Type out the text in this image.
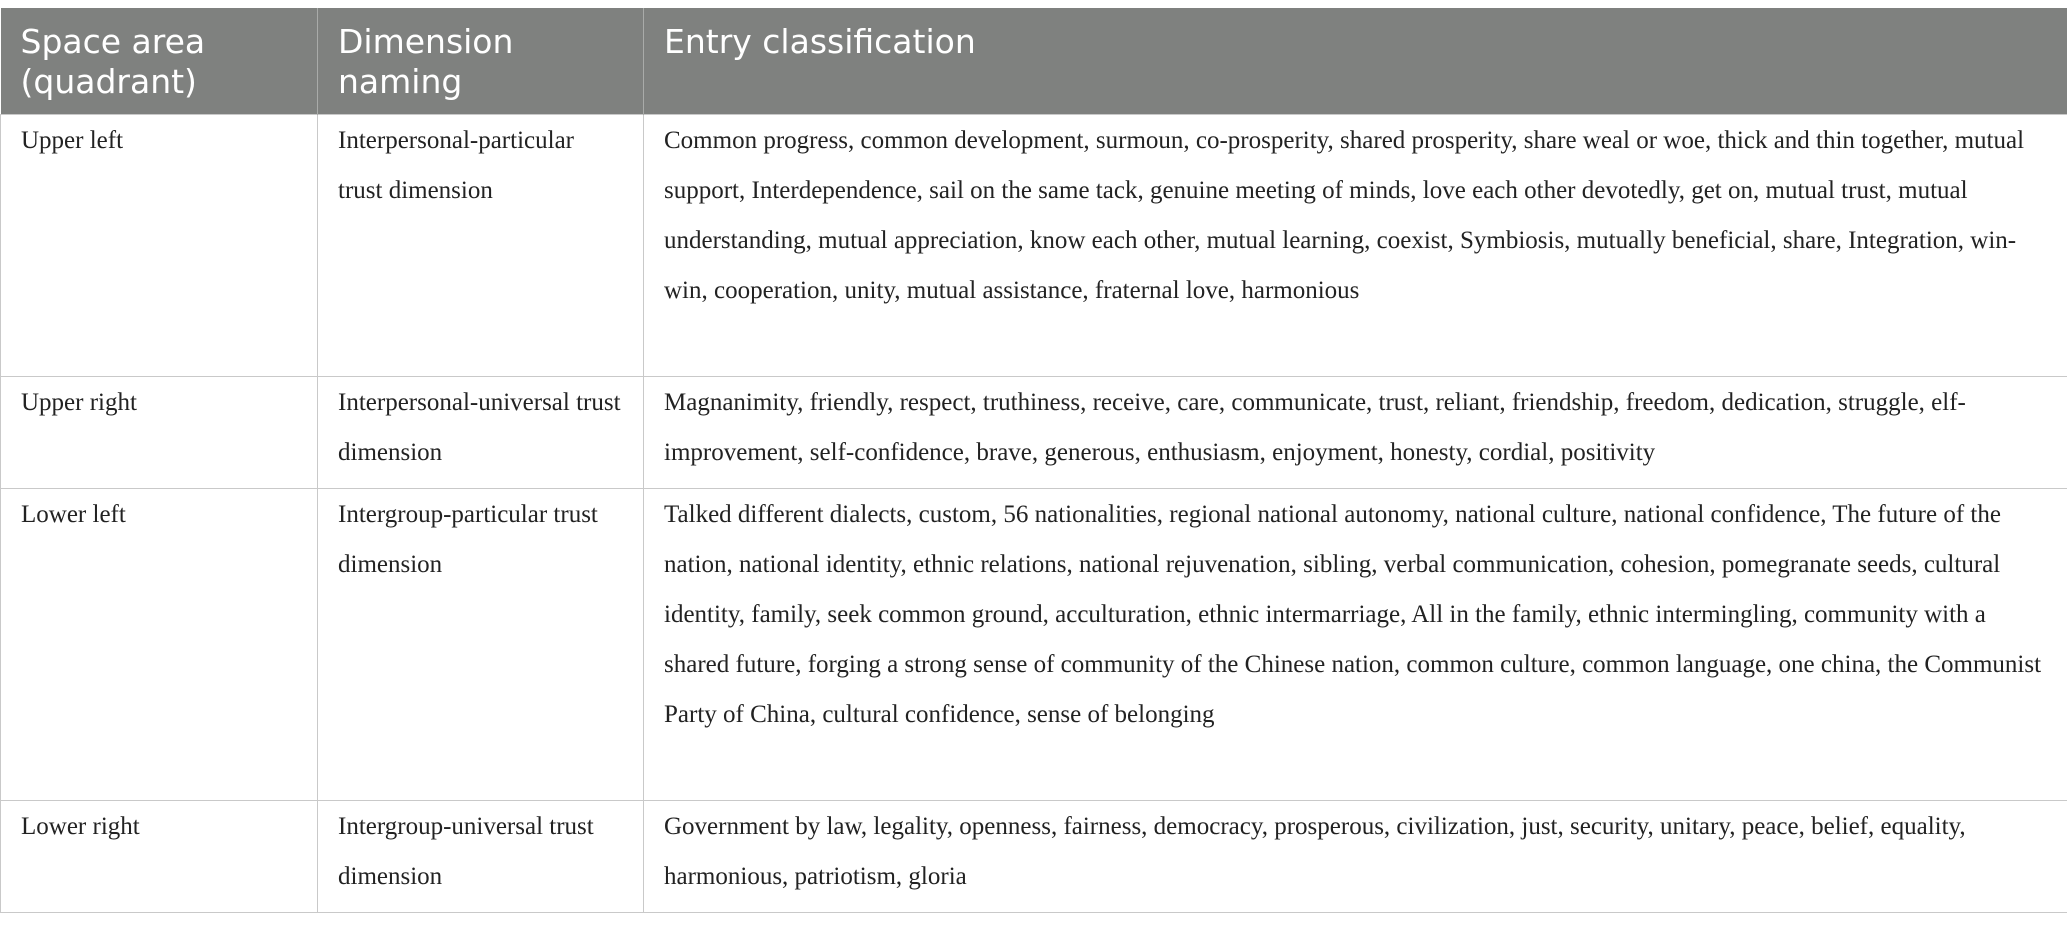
Space area (quadrant)	Dimension naming	Entry classification
Upper left	Interpersonal-particular trust dimension	Common progress, common development, surmoun, co-prosperity, shared prosperity, share weal or woe, thick and thin together, mutual support, Interdependence, sail on the same tack, genuine meeting of minds, love each other devotedly, get on, mutual trust, mutual understanding, mutual appreciation, know each other, mutual learning, coexist, Symbiosis, mutually beneficial, share, Integration, win-win, cooperation, unity, mutual assistance, fraternal love, harmonious
Upper right	Interpersonal-universal trust dimension	Magnanimity, friendly, respect, truthiness, receive, care, communicate, trust, reliant, friendship, freedom, dedication, struggle, elf-improvement, self-confidence, brave, generous, enthusiasm, enjoyment, honesty, cordial, positivity
Lower left	Intergroup-particular trust dimension	Talked different dialects, custom, 56 nationalities, regional national autonomy, national culture, national confidence, The future of the nation, national identity, ethnic relations, national rejuvenation, sibling, verbal communication, cohesion, pomegranate seeds, cultural identity, family, seek common ground, acculturation, ethnic intermarriage, All in the family, ethnic intermingling, community with a shared future, forging a strong sense of community of the Chinese nation, common culture, common language, one china, the Communist Party of China, cultural confidence, sense of belonging
Lower right	Intergroup-universal trust dimension	Government by law, legality, openness, fairness, democracy, prosperous, civilization, just, security, unitary, peace, belief, equality, harmonious, patriotism, gloria
